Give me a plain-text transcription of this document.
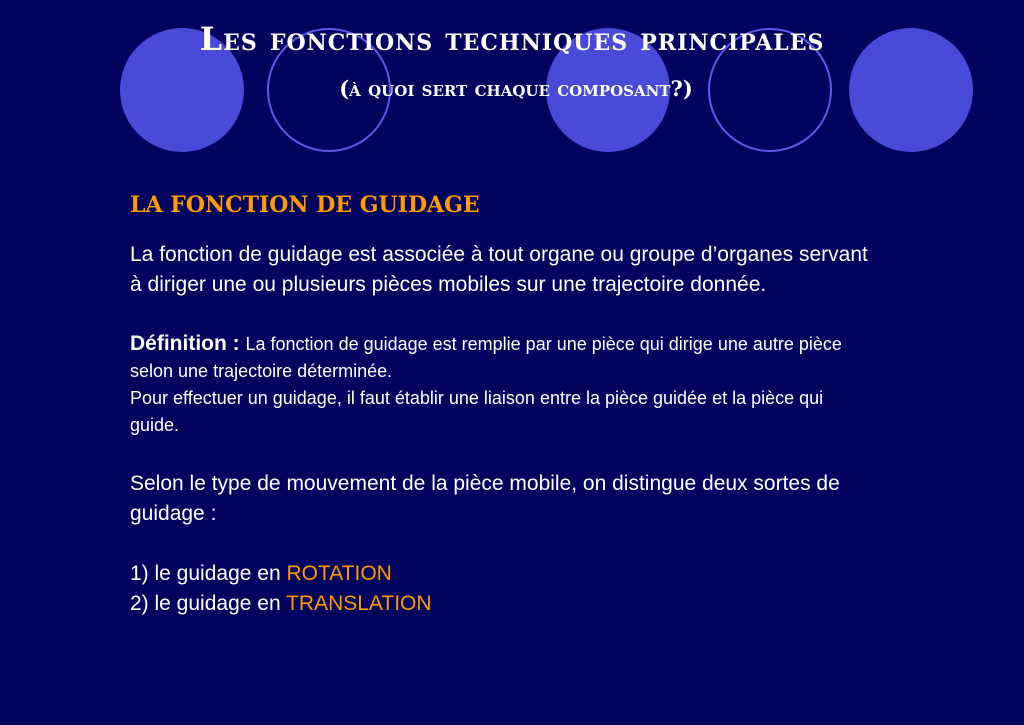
Les fonctions techniques principales
(à quoi sert chaque composant?)

LA FONCTION DE GUIDAGE

La fonction de guidage est associée à tout organe ou groupe d’organes servant à diriger une ou plusieurs pièces mobiles sur une trajectoire donnée.

Définition : La fonction de guidage est remplie par une pièce qui dirige une autre pièce selon une trajectoire déterminée.

Pour effectuer un guidage, il faut établir une liaison entre la pièce guidée et la pièce qui guide.

Selon le type de mouvement de la pièce mobile, on distingue deux sortes de guidage :

1) le guidage en ROTATION

2) le guidage en TRANSLATION
